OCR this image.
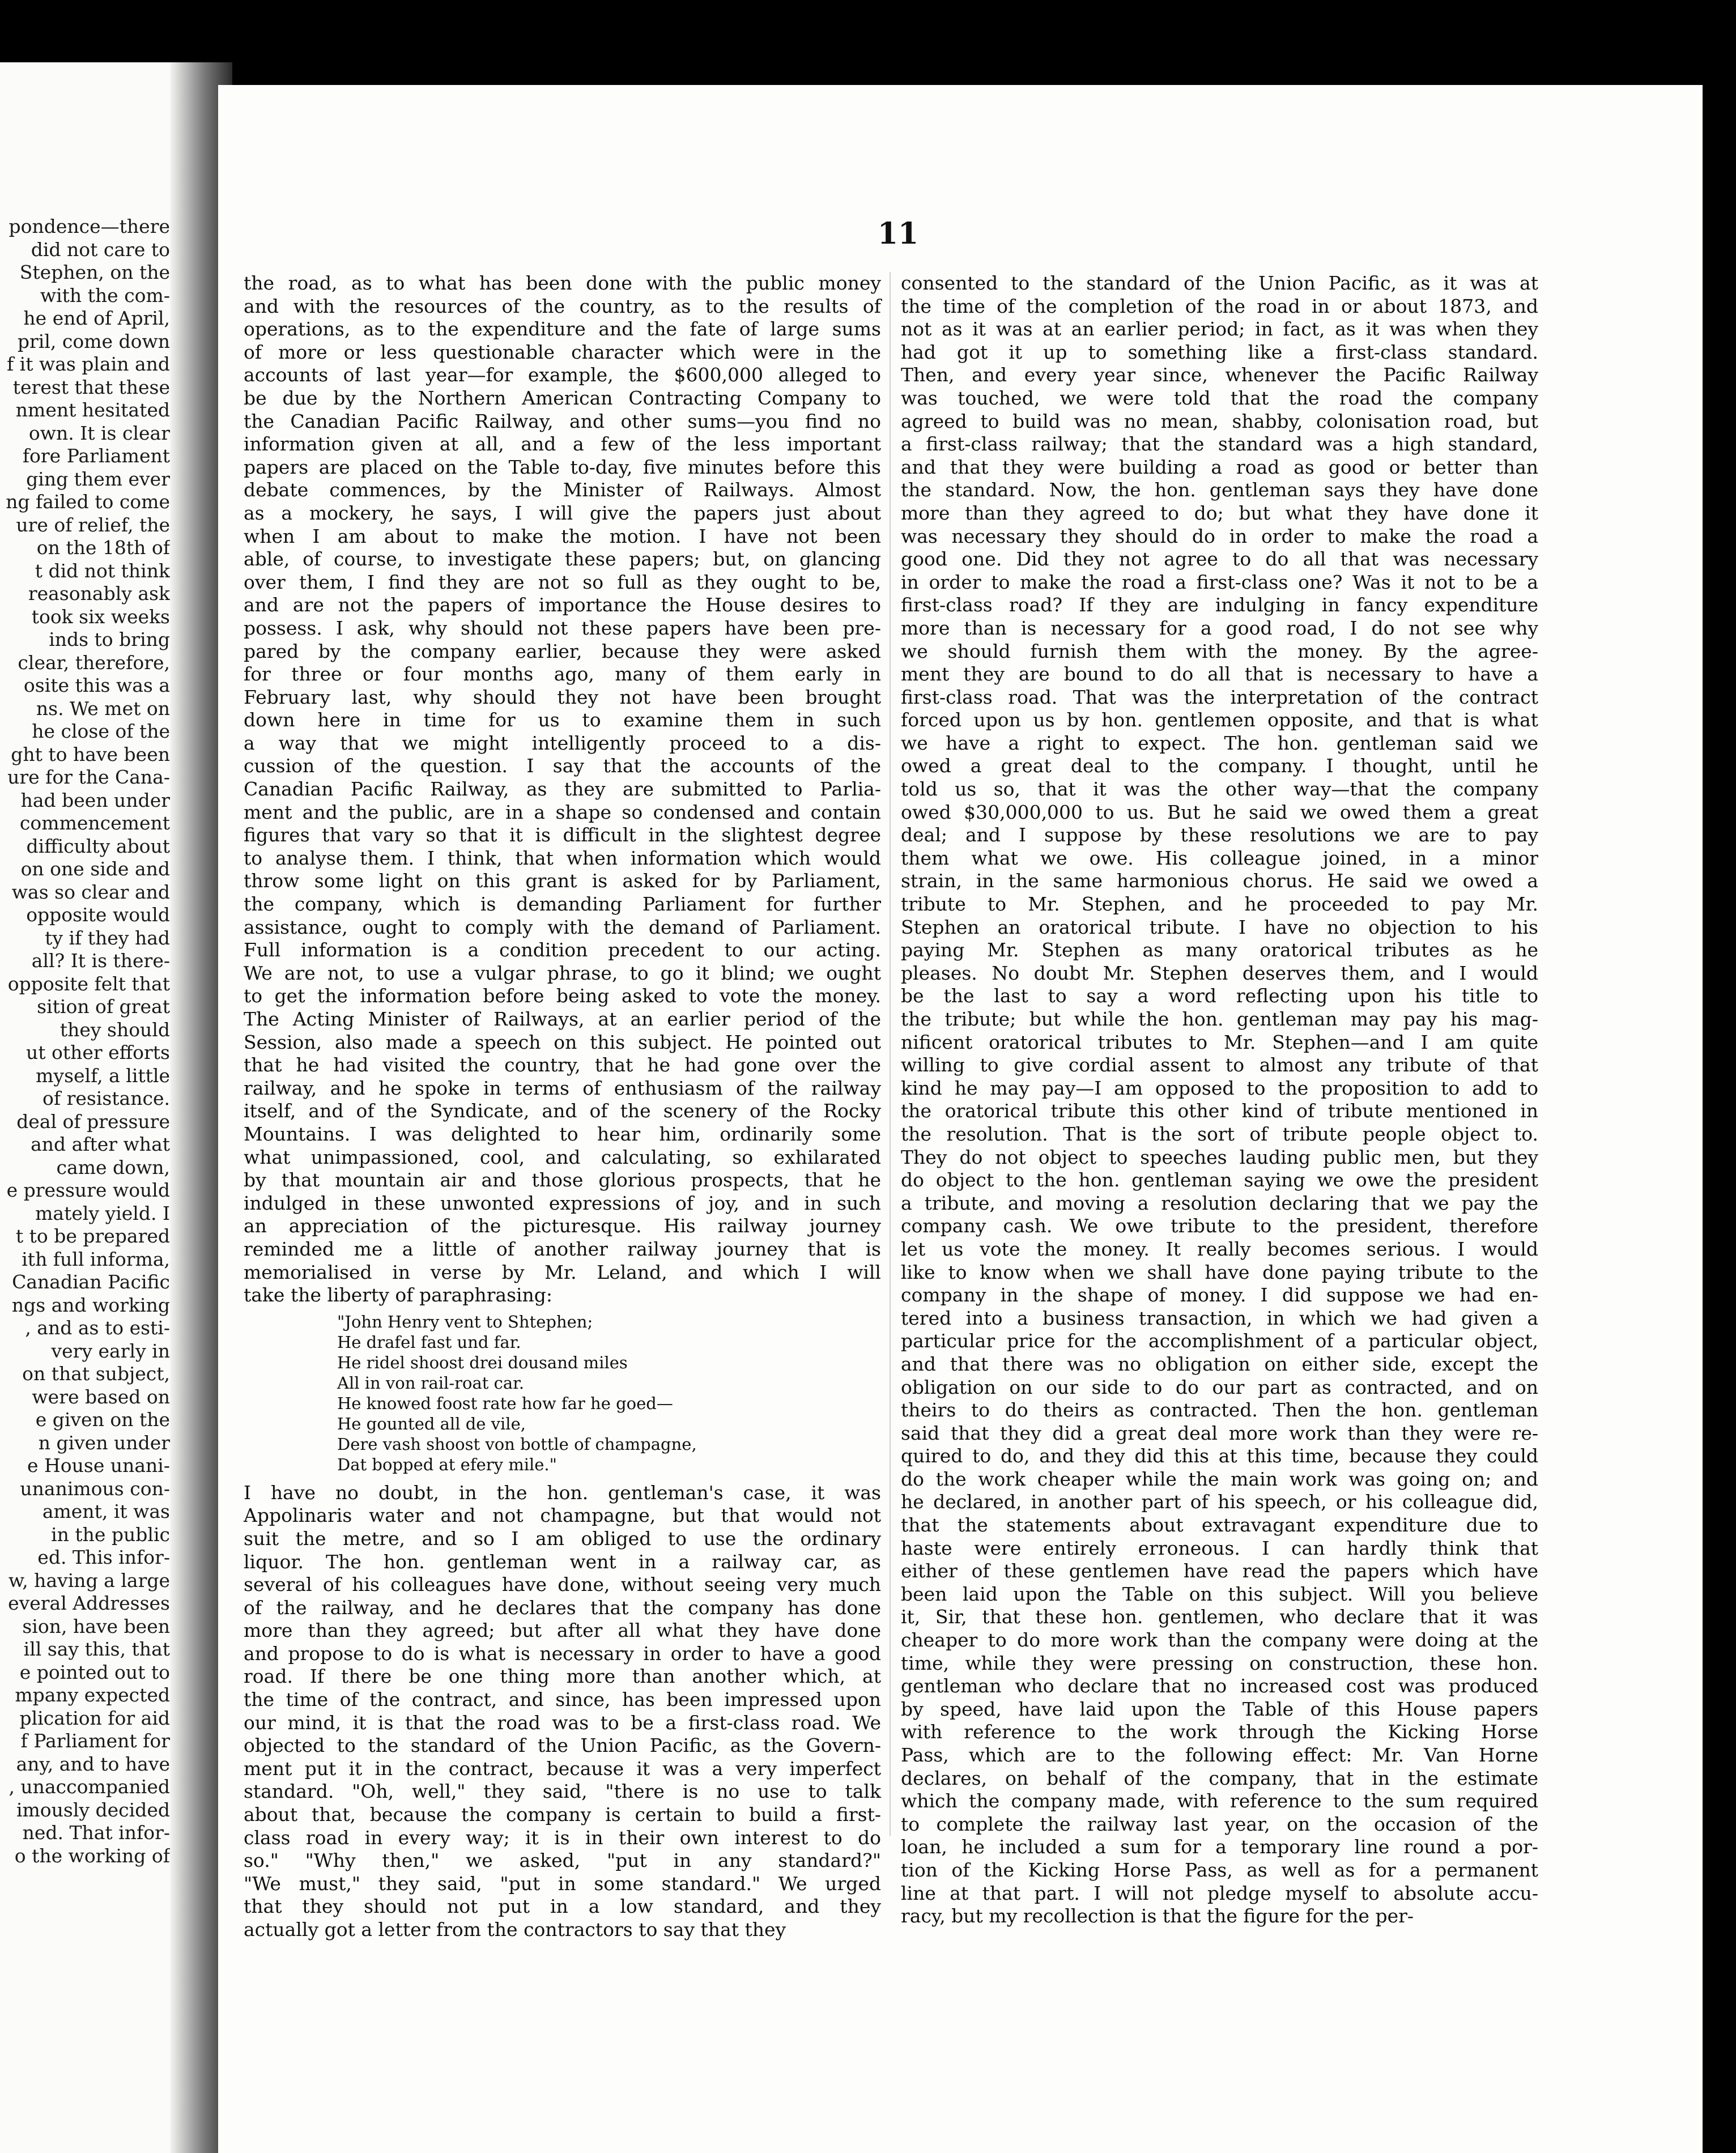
pondence—there
did not care to
Stephen, on the
with the com-
he end of April,
pril, come down
f it was plain and
terest that these
nment hesitated
own. It is clear
fore Parliament
ging them ever
ng failed to come
ure of relief, the
on the 18th of
t did not think
reasonably ask
took six weeks
inds to bring
clear, therefore,
osite this was a
ns. We met on
he close of the
ght to have been
ure for the Cana-
had been under
commencement
difficulty about
on one side and
was so clear and
opposite would
ty if they had
all? It is there-
opposite felt that
sition of great
they should
ut other efforts
myself, a little
of resistance.
deal of pressure
and after what
came down,
e pressure would
mately yield. I
t to be prepared
ith full informa,
Canadian Pacific
ngs and working
, and as to esti-
very early in
on that subject,
were based on
e given on the
n given under
e House unani-
unanimous con-
ament, it was
in the public
ed. This infor-
w, having a large
everal Addresses
sion, have been
ill say this, that
e pointed out to
mpany expected
plication for aid
f Parliament for
any, and to have
, unaccompanied
imously decided
ned. That infor-
o the working of
11
the road, as to what has been done with the public money
and with the resources of the country, as to the results of
operations, as to the expenditure and the fate of large sums
of more or less questionable character which were in the
accounts of last year—for example, the $600,000 alleged to
be due by the Northern American Contracting Company to
the Canadian Pacific Railway, and other sums—you find no
information given at all, and a few of the less important
papers are placed on the Table to-day, five minutes before this
debate commences, by the Minister of Railways. Almost
as a mockery, he says, I will give the papers just about
when I am about to make the motion. I have not been
able, of course, to investigate these papers; but, on glancing
over them, I find they are not so full as they ought to be,
and are not the papers of importance the House desires to
possess. I ask, why should not these papers have been pre-
pared by the company earlier, because they were asked
for three or four months ago, many of them early in
February last, why should they not have been brought
down here in time for us to examine them in such
a way that we might intelligently proceed to a dis-
cussion of the question. I say that the accounts of the
Canadian Pacific Railway, as they are submitted to Parlia-
ment and the public, are in a shape so condensed and contain
figures that vary so that it is difficult in the slightest degree
to analyse them. I think, that when information which would
throw some light on this grant is asked for by Parliament,
the company, which is demanding Parliament for further
assistance, ought to comply with the demand of Parliament.
Full information is a condition precedent to our acting.
We are not, to use a vulgar phrase, to go it blind; we ought
to get the information before being asked to vote the money.
The Acting Minister of Railways, at an earlier period of the
Session, also made a speech on this subject. He pointed out
that he had visited the country, that he had gone over the
railway, and he spoke in terms of enthusiasm of the railway
itself, and of the Syndicate, and of the scenery of the Rocky
Mountains. I was delighted to hear him, ordinarily some
what unimpassioned, cool, and calculating, so exhilarated
by that mountain air and those glorious prospects, that he
indulged in these unwonted expressions of joy, and in such
an appreciation of the picturesque. His railway journey
reminded me a little of another railway journey that is
memorialised in verse by Mr. Leland, and which I will
take the liberty of paraphrasing:
"John Henry vent to Shtephen;
He drafel fast und far.
He ridel shoost drei dousand miles
All in von rail-roat car.
He knowed foost rate how far he goed—
He gounted all de vile,
Dere vash shoost von bottle of champagne,
Dat bopped at efery mile."
I have no doubt, in the hon. gentleman's case, it was
Appolinaris water and not champagne, but that would not
suit the metre, and so I am obliged to use the ordinary
liquor. The hon. gentleman went in a railway car, as
several of his colleagues have done, without seeing very much
of the railway, and he declares that the company has done
more than they agreed; but after all what they have done
and propose to do is what is necessary in order to have a good
road. If there be one thing more than another which, at
the time of the contract, and since, has been impressed upon
our mind, it is that the road was to be a first-class road. We
objected to the standard of the Union Pacific, as the Govern-
ment put it in the contract, because it was a very imperfect
standard. "Oh, well," they said, "there is no use to talk
about that, because the company is certain to build a first-
class road in every way; it is in their own interest to do
so." "Why then," we asked, "put in any standard?"
"We must," they said, "put in some standard." We urged
that they should not put in a low standard, and they
actually got a letter from the contractors to say that they
consented to the standard of the Union Pacific, as it was at
the time of the completion of the road in or about 1873, and
not as it was at an earlier period; in fact, as it was when they
had got it up to something like a first-class standard.
Then, and every year since, whenever the Pacific Railway
was touched, we were told that the road the company
agreed to build was no mean, shabby, colonisation road, but
a first-class railway; that the standard was a high standard,
and that they were building a road as good or better than
the standard. Now, the hon. gentleman says they have done
more than they agreed to do; but what they have done it
was necessary they should do in order to make the road a
good one. Did they not agree to do all that was necessary
in order to make the road a first-class one? Was it not to be a
first-class road? If they are indulging in fancy expenditure
more than is necessary for a good road, I do not see why
we should furnish them with the money. By the agree-
ment they are bound to do all that is necessary to have a
first-class road. That was the interpretation of the contract
forced upon us by hon. gentlemen opposite, and that is what
we have a right to expect. The hon. gentleman said we
owed a great deal to the company. I thought, until he
told us so, that it was the other way—that the company
owed $30,000,000 to us. But he said we owed them a great
deal; and I suppose by these resolutions we are to pay
them what we owe. His colleague joined, in a minor
strain, in the same harmonious chorus. He said we owed a
tribute to Mr. Stephen, and he proceeded to pay Mr.
Stephen an oratorical tribute. I have no objection to his
paying Mr. Stephen as many oratorical tributes as he
pleases. No doubt Mr. Stephen deserves them, and I would
be the last to say a word reflecting upon his title to
the tribute; but while the hon. gentleman may pay his mag-
nificent oratorical tributes to Mr. Stephen—and I am quite
willing to give cordial assent to almost any tribute of that
kind he may pay—I am opposed to the proposition to add to
the oratorical tribute this other kind of tribute mentioned in
the resolution. That is the sort of tribute people object to.
They do not object to speeches lauding public men, but they
do object to the hon. gentleman saying we owe the president
a tribute, and moving a resolution declaring that we pay the
company cash. We owe tribute to the president, therefore
let us vote the money. It really becomes serious. I would
like to know when we shall have done paying tribute to the
company in the shape of money. I did suppose we had en-
tered into a business transaction, in which we had given a
particular price for the accomplishment of a particular object,
and that there was no obligation on either side, except the
obligation on our side to do our part as contracted, and on
theirs to do theirs as contracted. Then the hon. gentleman
said that they did a great deal more work than they were re-
quired to do, and they did this at this time, because they could
do the work cheaper while the main work was going on; and
he declared, in another part of his speech, or his colleague did,
that the statements about extravagant expenditure due to
haste were entirely erroneous. I can hardly think that
either of these gentlemen have read the papers which have
been laid upon the Table on this subject. Will you believe
it, Sir, that these hon. gentlemen, who declare that it was
cheaper to do more work than the company were doing at the
time, while they were pressing on construction, these hon.
gentleman who declare that no increased cost was produced
by speed, have laid upon the Table of this House papers
with reference to the work through the Kicking Horse
Pass, which are to the following effect: Mr. Van Horne
declares, on behalf of the company, that in the estimate
which the company made, with reference to the sum required
to complete the railway last year, on the occasion of the
loan, he included a sum for a temporary line round a por-
tion of the Kicking Horse Pass, as well as for a permanent
line at that part. I will not pledge myself to absolute accu-
racy, but my recollection is that the figure for the per-
